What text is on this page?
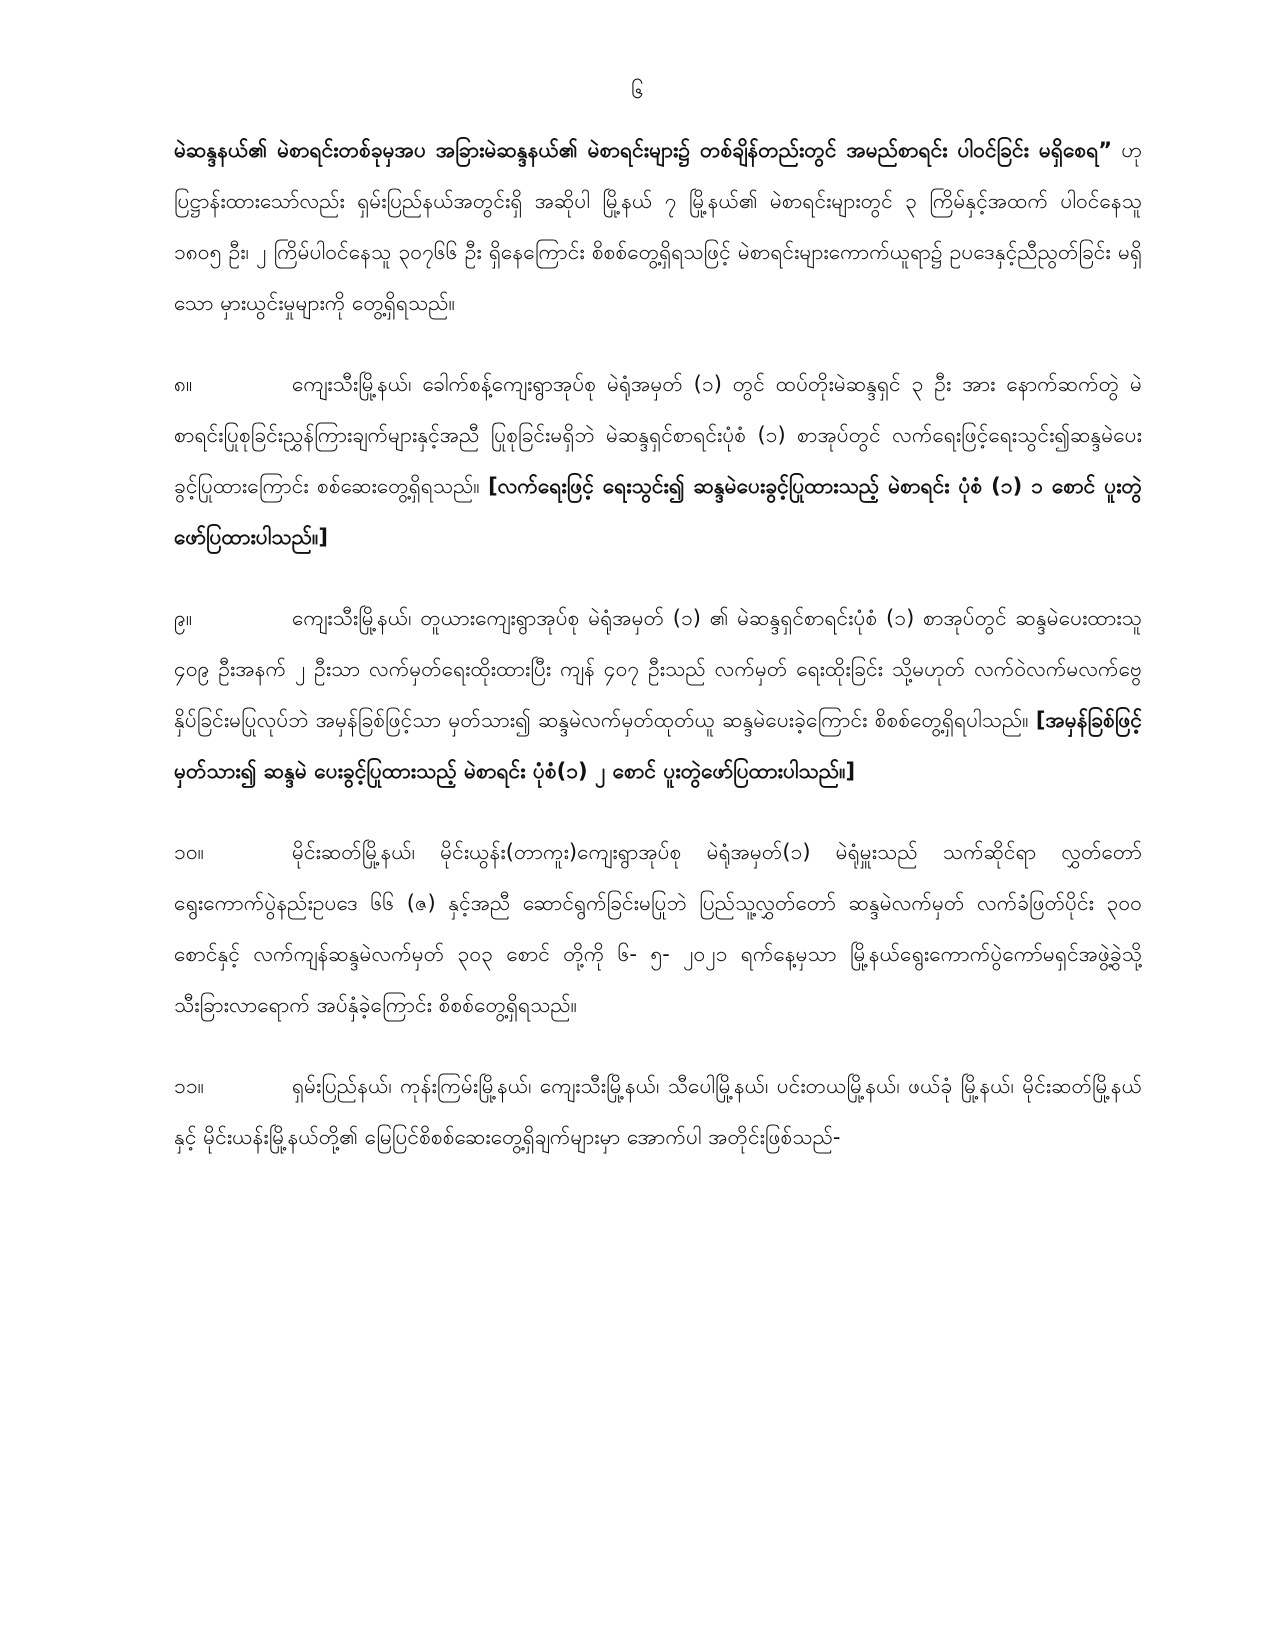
၆

မဲဆန္ဒနယ်၏ မဲစာရင်းတစ်ခုမှအပ အခြားမဲဆန္ဒနယ်၏ မဲစာရင်းများ၌ တစ်ချိန်တည်းတွင် အမည်စာရင်း ပါဝင်ခြင်း မရှိစေရ” ဟု ပြဋ္ဌာန်းထားသော်လည်း ရှမ်းပြည်နယ်အတွင်းရှိ အဆိုပါ မြို့နယ် ၇ မြို့နယ်၏ မဲစာရင်းများတွင် ၃ ကြိမ်နှင့်အထက် ပါဝင်နေသူ ၁၈၀၅ ဦး၊ ၂ ကြိမ်ပါဝင်နေသူ ၃၀၇၆၆ ဦး ရှိနေကြောင်း စိစစ်တွေ့ရှိရသဖြင့် မဲစာရင်းများကောက်ယူရာ၌ ဥပဒေနှင့်ညီညွတ်ခြင်း မရှိသော မှားယွင်းမှုများကို တွေ့ရှိရသည်။

၈။	ကျေးသီးမြို့နယ်၊ ခေါက်စန့်ကျေးရွာအုပ်စု မဲရုံအမှတ် (၁) တွင် ထပ်တိုးမဲဆန္ဒရှင် ၃ ဦး အား နောက်ဆက်တွဲ မဲစာရင်းပြုစုခြင်းညွှန်ကြားချက်များနှင့်အညီ ပြုစုခြင်းမရှိဘဲ မဲဆန္ဒရှင်စာရင်းပုံစံ (၁) စာအုပ်တွင် လက်ရေးဖြင့်ရေးသွင်း၍ဆန္ဒမဲပေးခွင့်ပြုထားကြောင်း စစ်ဆေးတွေ့ရှိရသည်။ [လက်ရေးဖြင့် ရေးသွင်း၍ ဆန္ဒမဲပေးခွင့်ပြုထားသည့် မဲစာရင်း ပုံစံ (၁) ၁ စောင် ပူးတွဲဖော်ပြထားပါသည်။]

၉။	ကျေးသီးမြို့နယ်၊ တူယားကျေးရွာအုပ်စု မဲရုံအမှတ် (၁) ၏ မဲဆန္ဒရှင်စာရင်းပုံစံ (၁) စာအုပ်တွင် ဆန္ဒမဲပေးထားသူ ၄၀၉ ဦးအနက် ၂ ဦးသာ လက်မှတ်ရေးထိုးထားပြီး ကျန် ၄၀၇ ဦးသည် လက်မှတ် ရေးထိုးခြင်း သို့မဟုတ် လက်ဝဲလက်မလက်ဗွေ နှိပ်ခြင်းမပြုလုပ်ဘဲ အမှန်ခြစ်ဖြင့်သာ မှတ်သား၍ ဆန္ဒမဲလက်မှတ်ထုတ်ယူ ဆန္ဒမဲပေးခဲ့ကြောင်း စိစစ်တွေ့ရှိရပါသည်။ [အမှန်ခြစ်ဖြင့် မှတ်သား၍ ဆန္ဒမဲ ပေးခွင့်ပြုထားသည့် မဲစာရင်း ပုံစံ(၁) ၂ စောင် ပူးတွဲဖော်ပြထားပါသည်။]

၁၀။	မိုင်းဆတ်မြို့နယ်၊ မိုင်းယွန်း(တာကူး)ကျေးရွာအုပ်စု မဲရုံအမှတ်(၁) မဲရုံမှူးသည် သက်ဆိုင်ရာ လွှတ်တော်ရွေးကောက်ပွဲနည်းဥပဒေ ၆၆ (ဇ) နှင့်အညီ ဆောင်ရွက်ခြင်းမပြုဘဲ ပြည်သူ့လွှတ်တော် ဆန္ဒမဲလက်မှတ် လက်ခံဖြတ်ပိုင်း ၃၀၀ စောင်နှင့် လက်ကျန်ဆန္ဒမဲလက်မှတ် ၃၀၃ စောင် တို့ကို ၆- ၅- ၂၀၂၁ ရက်နေ့မှသာ မြို့နယ်ရွေးကောက်ပွဲကော်မရှင်အဖွဲ့ခွဲသို့ သီးခြားလာရောက် အပ်နှံခဲ့ကြောင်း စိစစ်တွေ့ရှိရသည်။

၁၁။	ရှမ်းပြည်နယ်၊ ကုန်းကြမ်းမြို့နယ်၊ ကျေးသီးမြို့နယ်၊ သီပေါမြို့နယ်၊ ပင်းတယမြို့နယ်၊ ဖယ်ခုံ မြို့နယ်၊ မိုင်းဆတ်မြို့နယ်နှင့် မိုင်းယန်းမြို့နယ်တို့၏ မြေပြင်စိစစ်ဆေးတွေ့ရှိချက်များမှာ အောက်ပါ အတိုင်းဖြစ်သည်-
